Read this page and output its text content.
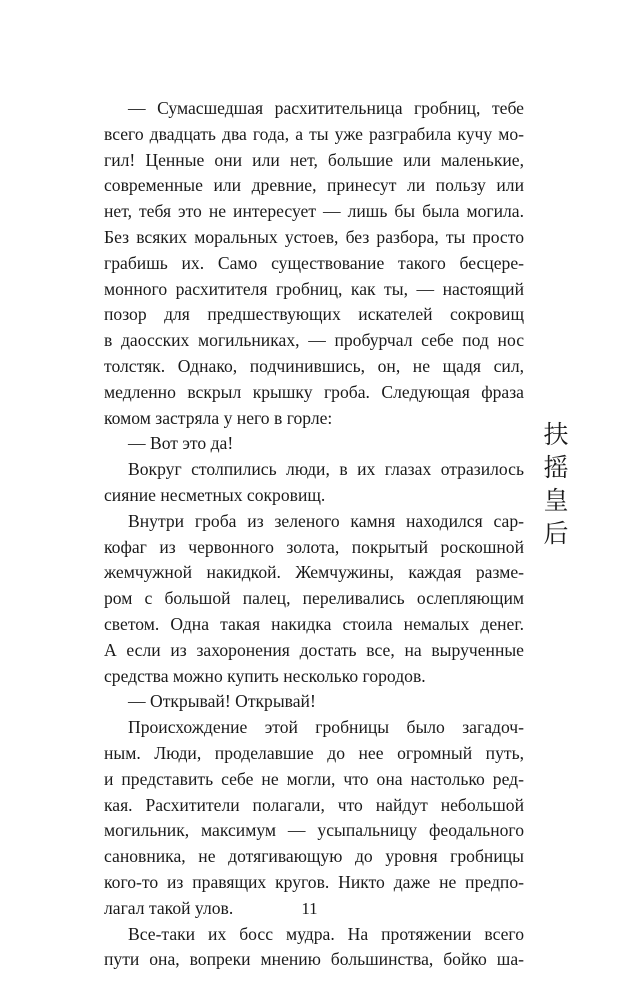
— Сумасшедшая расхитительница гробниц, тебе
всего двадцать два года, а ты уже разграбила кучу мо-
гил! Ценные они или нет, большие или маленькие,
современные или древние, принесут ли пользу или
нет, тебя это не интересует — лишь бы была могила.
Без всяких моральных устоев, без разбора, ты просто
грабишь их. Само существование такого бесцере-
монного расхитителя гробниц, как ты, — настоящий
позор для предшествующих искателей сокровищ
в даосских могильниках, — пробурчал себе под нос
толстяк. Однако, подчинившись, он, не щадя сил,
медленно вскрыл крышку гроба. Следующая фраза
комом застряла у него в горле:
— Вот это да!
Вокруг столпились люди, в их глазах отразилось
сияние несметных сокровищ.
Внутри гроба из зеленого камня находился сар-
кофаг из червонного золота, покрытый роскошной
жемчужной накидкой. Жемчужины, каждая разме-
ром с большой палец, переливались ослепляющим
светом. Одна такая накидка стоила немалых денег.
А если из захоронения достать все, на вырученные
средства можно купить несколько городов.
— Открывай! Открывай!
Происхождение этой гробницы было загадоч-
ным. Люди, проделавшие до нее огромный путь,
и представить себе не могли, что она настолько ред-
кая. Расхитители полагали, что найдут небольшой
могильник, максимум — усыпальницу феодального
сановника, не дотягивающую до уровня гробницы
кого-то из правящих кругов. Никто даже не предпо-
лагал такой улов.
Все-таки их босс мудра. На протяжении всего
пути она, вопреки мнению большинства, бойко ша-
扶
摇
皇
后
11
